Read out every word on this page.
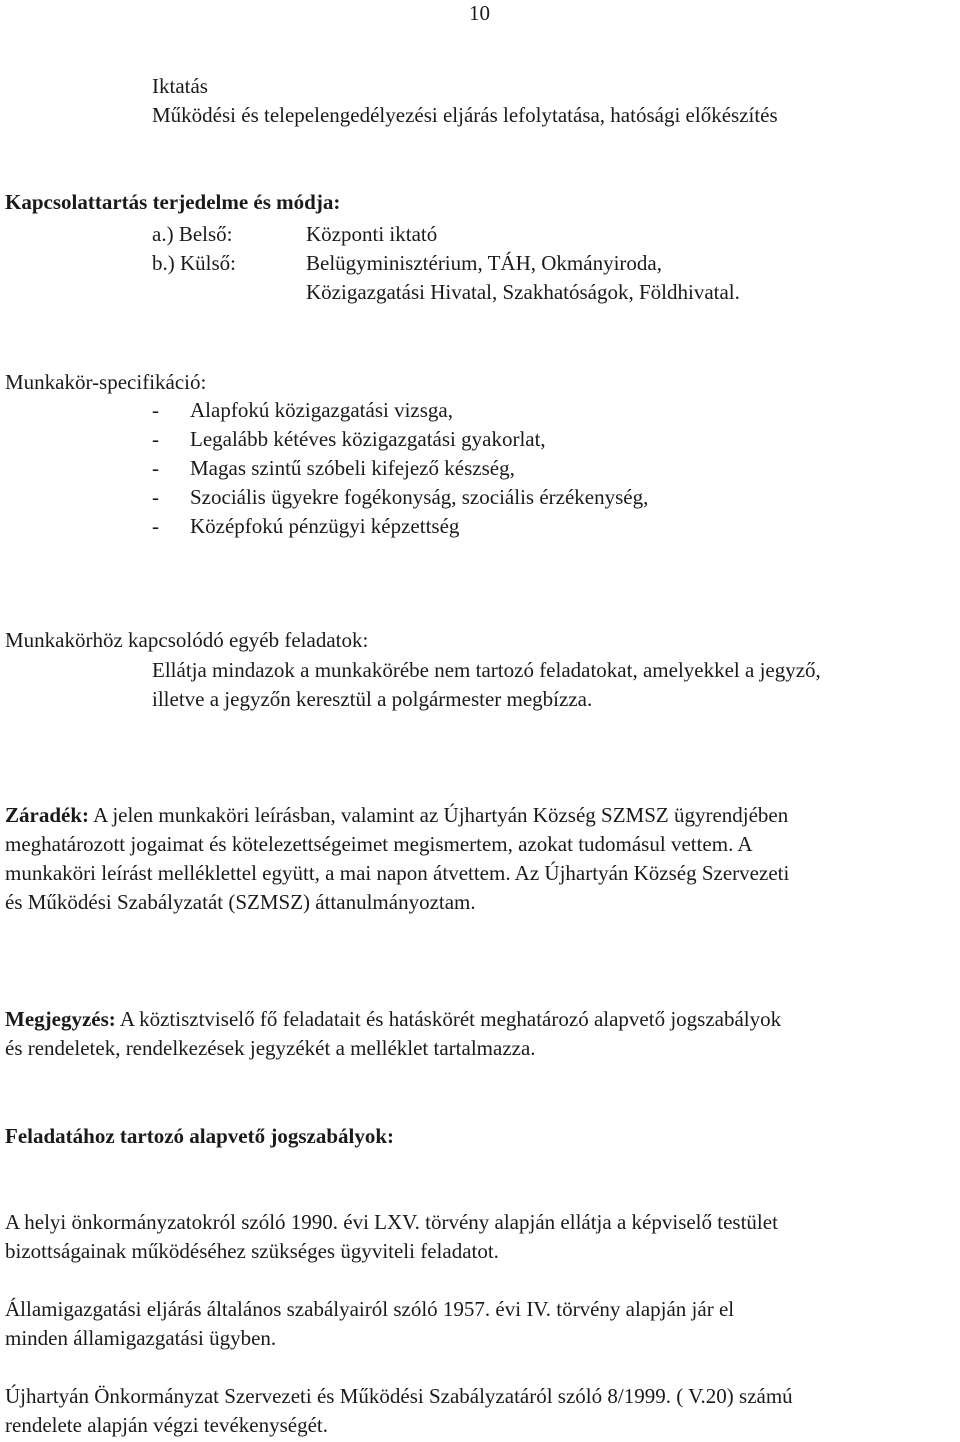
10
Iktatás
Működési és telepelengedélyezési eljárás lefolytatása, hatósági előkészítés
Kapcsolattartás terjedelme és módja:
a.) Belső:	Központi iktató
b.) Külső:	Belügyminisztérium, TÁH, Okmányiroda,
Közigazgatási Hivatal, Szakhatóságok, Földhivatal.
Munkakör-specifikáció:
- Alapfokú közigazgatási vizsga,
- Legalább kétéves közigazgatási gyakorlat,
- Magas szintű szóbeli kifejező készség,
- Szociális ügyekre fogékonyság, szociális érzékenység,
- Középfokú pénzügyi képzettség
Munkakörhöz kapcsolódó egyéb feladatok:
Ellátja mindazok a munkakörébe nem tartozó feladatokat, amelyekkel a jegyző,
illetve a jegyzőn keresztül a polgármester megbízza.
Záradék: A jelen munkaköri leírásban, valamint az Újhartyán Község SZMSZ ügyrendjében
meghatározott jogaimat és kötelezettségeimet megismertem, azokat tudomásul vettem. A
munkaköri leírást melléklettel együtt, a mai napon átvettem. Az Újhartyán Község Szervezeti
és Működési Szabályzatát (SZMSZ) áttanulmányoztam.
Megjegyzés: A köztisztviselő fő feladatait és hatáskörét meghatározó alapvető jogszabályok
és rendeletek, rendelkezések jegyzékét a melléklet tartalmazza.
Feladatához tartozó alapvető jogszabályok:
A helyi önkormányzatokról szóló 1990. évi LXV. törvény alapján ellátja a képviselő testület
bizottságainak működéséhez szükséges ügyviteli feladatot.
Államigazgatási eljárás általános szabályairól szóló 1957. évi IV. törvény alapján jár el
minden államigazgatási ügyben.
Újhartyán Önkormányzat Szervezeti és Működési Szabályzatáról szóló 8/1999. ( V.20) számú
rendelete alapján végzi tevékenységét.
